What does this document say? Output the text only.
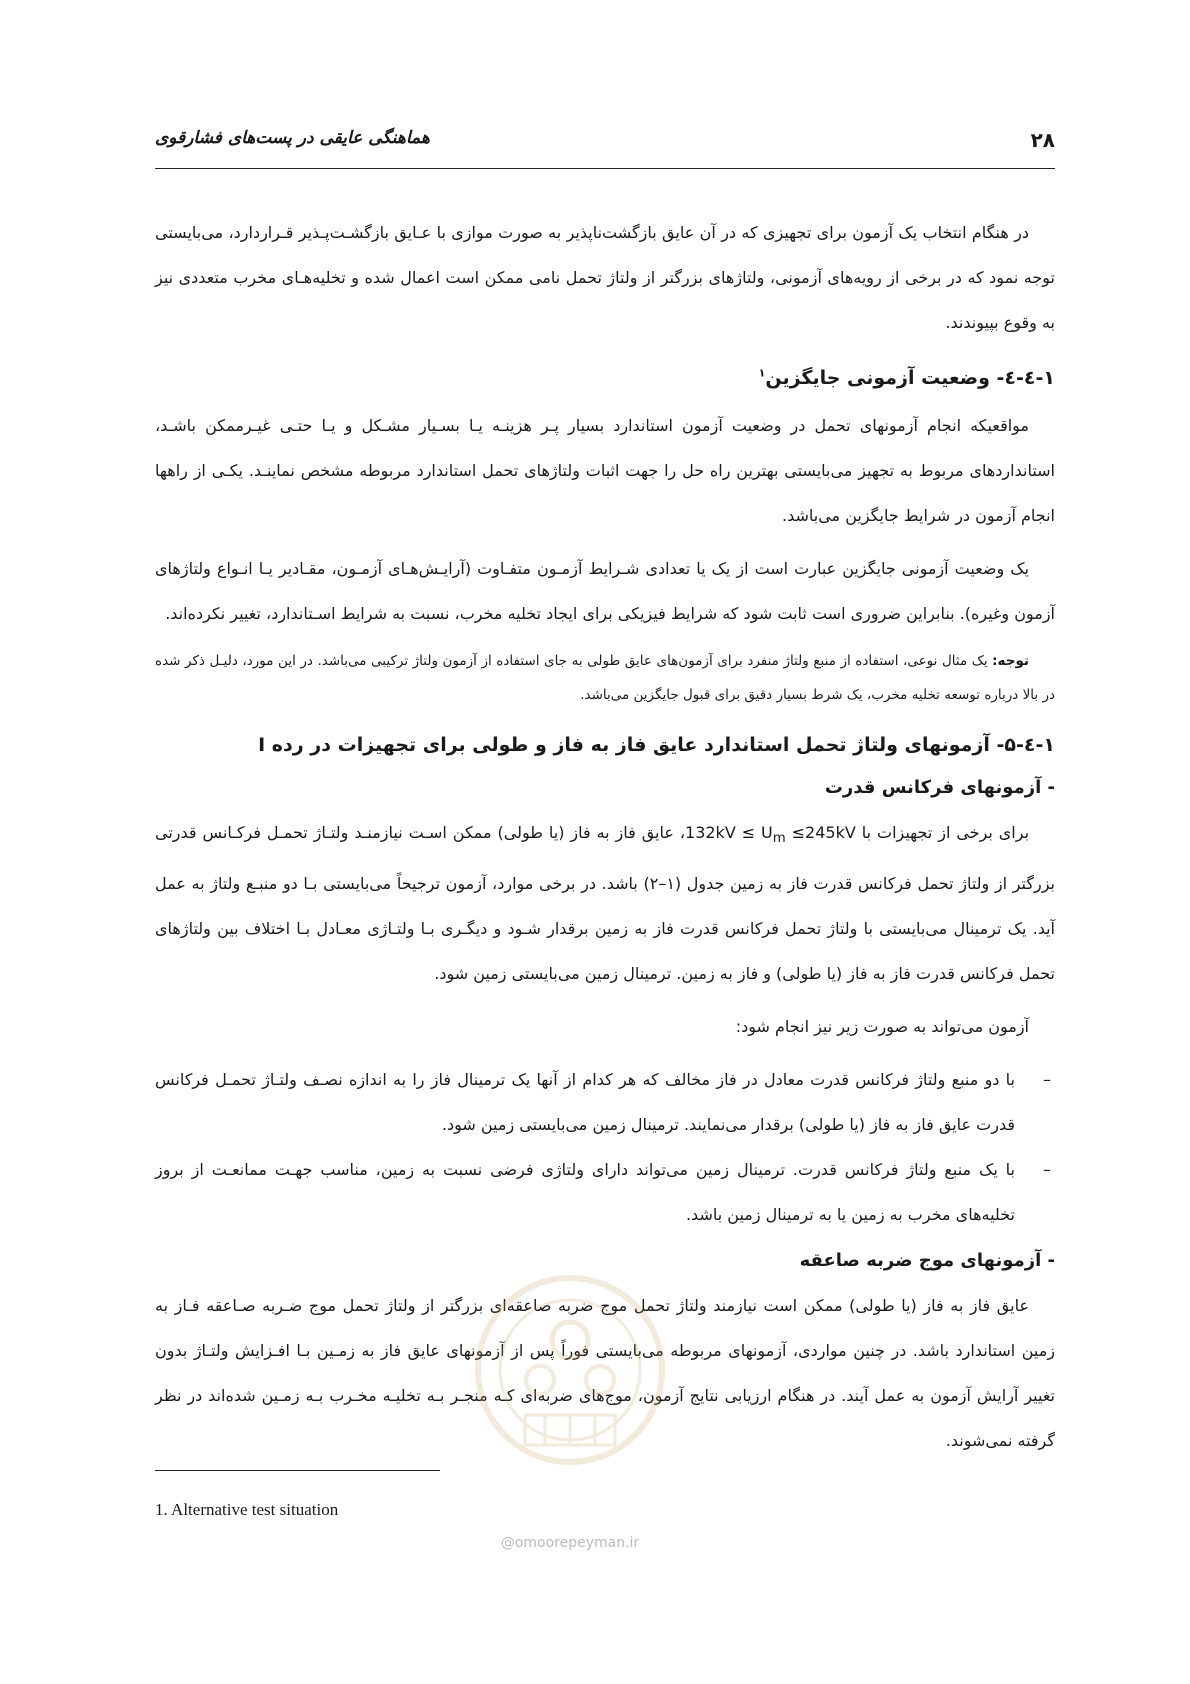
۲۸
هماهنگی عایقی در پست‌های فشارقوی

در هنگام انتخاب یک آزمون برای تجهیزی که در آن عایق بازگشت‌ناپذیر به صورت موازی با عـایق بازگشـت‌پـذیر قـراردارد، می‌بایستی توجه نمود که در برخی از رویه‌های آزمونی، ولتاژهای بزرگتر از ولتاژ تحمل نامی ممکن است اعمال شده و تخلیه‌هـای مخرب متعددی نیز به وقوع بپیوندند.

۱-٤-٤- وضعیت آزمونی جایگزین$^۱$

مواقعیکه انجام آزمونهای تحمل در وضعیت آزمون استاندارد بسیار پـر هزینـه یـا بسـیار مشـکل و یـا حتـی غیـرممکن باشـد، استانداردهای مربوط به تجهیز می‌بایستی بهترین راه حل را جهت اثبات ولتاژهای تحمل استاندارد مربوطه مشخص نماینـد. یکـی از راهها انجام آزمون در شرایط جایگزین می‌باشد.

یک وضعیت آزمونی جایگزین عبارت است از یک یا تعدادی شـرایط آزمـون متفـاوت (آرایـش‌هـای آزمـون، مقـادیر یـا انـواع ولتاژهای آزمون وغیره). بنابراین ضروری است ثابت شود که شرایط فیزیکی برای ایجاد تخلیه مخرب، نسبت به شرایط اسـتاندارد، تغییر نکرده‌اند.

توجه: یک مثال نوعی، استفاده از منبع ولتاژ منفرد برای آزمون‌های عایق طولی به جای استفاده از آزمون ولتاژ ترکیبی می‌باشد. در این مورد، دلیـل ذکر شده در بالا درباره توسعه تخلیه مخرب، یک شرط بسیار دقیق برای قبول جایگزین می‌باشد.
۱-٤-۵- آزمونهای ولتاژ تحمل استاندارد عایق فاز به فاز و طولی برای تجهیزات در رده I
- آزمونهای فرکانس قدرت

برای برخی از تجهیزات با $132kV \le U_m$ ≤245kV، عایق فاز به فاز (یا طولی) ممکن اسـت نیازمنـد ولتـاژ تحمـل فرکـانس قدرتی بزرگتر از ولتاژ تحمل فرکانس قدرت فاز به زمین جدول (۱–۲) باشد. در برخی موارد، آزمون ترجیحاً می‌بایستی بـا دو منبـع ولتاژ به عمل آید. یک ترمینال می‌بایستی با ولتاژ تحمل فرکانس قدرت فاز به زمین برقدار شـود و دیگـری بـا ولتـاژی معـادل بـا اختلاف بین ولتاژهای تحمل فرکانس قدرت فاز به فاز (یا طولی) و فاز به زمین. ترمینال زمین می‌بایستی زمین شود.

آزمون می‌تواند به صورت زیر نیز انجام شود:

–
با دو منبع ولتاژ فرکانس قدرت معادل در فاز مخالف که هر کدام از آنها یک ترمینال فاز را به اندازه نصـف ولتـاژ تحمـل فرکانس قدرت عایق فاز به فاز (یا طولی) برقدار می‌نمایند. ترمینال زمین می‌بایستی زمین شود.
–
با یک منبع ولتاژ فرکانس قدرت. ترمینال زمین می‌تواند دارای ولتاژی فرضی نسبت به زمین، مناسب جهـت ممانعـت از بروز تخلیه‌های مخرب به زمین یا به ترمینال زمین باشد.
- آزمونهای موج ضربه صاعقه

عایق فاز به فاز (یا طولی) ممکن است نیازمند ولتاژ تحمل موج ضربه صاعقه‌ای بزرگتر از ولتاژ تحمل موج ضـربه صـاعقه فـاز به زمین استاندارد باشد. در چنین مواردی، آزمونهای مربوطه می‌بایستی فوراً پس از آزمونهای عایق فاز به زمـین بـا افـزایش ولتـاژ بدون تغییر آرایش آزمون به عمل آیند. در هنگام ارزیابی نتایج آزمون، موج‌های ضربه‌ای کـه منجـر بـه تخلیـه مخـرب بـه زمـین شده‌اند در نظر گرفته نمی‌شوند.

@omoorepeyman.ir
1. Alternative test situation
